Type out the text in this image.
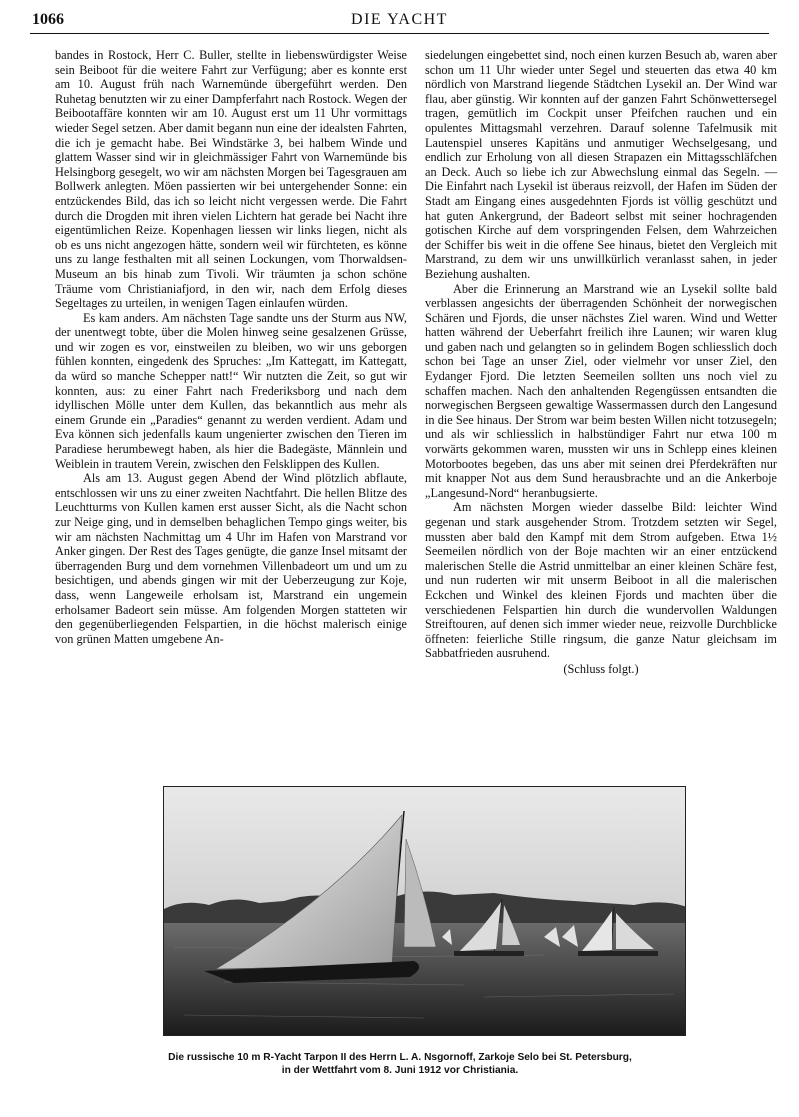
1066	DIE YACHT

bandes in Rostock, Herr C. Buller, stellte in liebenswürdigster Weise sein Beiboot für die weitere Fahrt zur Verfügung; aber es konnte erst am 10. August früh nach Warnemünde übergeführt werden. Den Ruhetag benutzten wir zu einer Dampferfahrt nach Rostock. Wegen der Beibootaffäre konnten wir am 10. August erst um 11 Uhr vormittags wieder Segel setzen. Aber damit begann nun eine der idealsten Fahrten, die ich je gemacht habe. Bei Windstärke 3, bei halbem Winde und glattem Wasser sind wir in gleichmässiger Fahrt von Warnemünde bis Helsingborg gesegelt, wo wir am nächsten Morgen bei Tagesgrauen am Bollwerk anlegten. Möen passierten wir bei untergehender Sonne: ein entzückendes Bild, das ich so leicht nicht vergessen werde. Die Fahrt durch die Drogden mit ihren vielen Lichtern hat gerade bei Nacht ihre eigentümlichen Reize. Kopenhagen liessen wir links liegen, nicht als ob es uns nicht angezogen hätte, sondern weil wir fürchteten, es könne uns zu lange festhalten mit all seinen Lockungen, vom Thorwaldsen-Museum an bis hinab zum Tivoli. Wir träumten ja schon schöne Träume vom Christianiafjord, in den wir, nach dem Erfolg dieses Segeltages zu urteilen, in wenigen Tagen einlaufen würden.

Es kam anders. Am nächsten Tage sandte uns der Sturm aus NW, der unentwegt tobte, über die Molen hinweg seine gesalzenen Grüsse, und wir zogen es vor, einstweilen zu bleiben, wo wir uns geborgen fühlen konnten, eingedenk des Spruches: „Im Kattegatt, im Kattegatt, da würd so manche Schepper natt!“ Wir nutzten die Zeit, so gut wir konnten, aus: zu einer Fahrt nach Frederiksborg und nach dem idyllischen Mölle unter dem Kullen, das bekanntlich aus mehr als einem Grunde ein „Paradies“ genannt zu werden verdient. Adam und Eva können sich jedenfalls kaum ungenierter zwischen den Tieren im Paradiese herumbewegt haben, als hier die Badegäste, Männlein und Weiblein in trautem Verein, zwischen den Felsklippen des Kullen.

Als am 13. August gegen Abend der Wind plötzlich abflaute, entschlossen wir uns zu einer zweiten Nachtfahrt. Die hellen Blitze des Leuchtturms von Kullen kamen erst ausser Sicht, als die Nacht schon zur Neige ging, und in demselben behaglichen Tempo gings weiter, bis wir am nächsten Nachmittag um 4 Uhr im Hafen von Marstrand vor Anker gingen. Der Rest des Tages genügte, die ganze Insel mitsamt der überragenden Burg und dem vornehmen Villenbadeort um und um zu besichtigen, und abends gingen wir mit der Ueberzeugung zur Koje, dass, wenn Langeweile erholsam ist, Marstrand ein ungemein erholsamer Badeort sein müsse. Am folgenden Morgen statteten wir den gegenüberliegenden Felspartien, in die höchst malerisch einige von grünen Matten umgebene An-

siedelungen eingebettet sind, noch einen kurzen Besuch ab, waren aber schon um 11 Uhr wieder unter Segel und steuerten das etwa 40 km nördlich von Marstrand liegende Städtchen Lysekil an. Der Wind war flau, aber günstig. Wir konnten auf der ganzen Fahrt Schönwettersegel tragen, gemütlich im Cockpit unser Pfeifchen rauchen und ein opulentes Mittagsmahl verzehren. Darauf solenne Tafelmusik mit Lautenspiel unseres Kapitäns und anmutiger Wechselgesang, und endlich zur Erholung von all diesen Strapazen ein Mittagsschläfchen an Deck. Auch so liebe ich zur Abwechslung einmal das Segeln. — Die Einfahrt nach Lysekil ist überaus reizvoll, der Hafen im Süden der Stadt am Eingang eines ausgedehnten Fjords ist völlig geschützt und hat guten Ankergrund, der Badeort selbst mit seiner hochragenden gotischen Kirche auf dem vorspringenden Felsen, dem Wahrzeichen der Schiffer bis weit in die offene See hinaus, bietet den Vergleich mit Marstrand, zu dem wir uns unwillkürlich veranlasst sahen, in jeder Beziehung aushalten.

Aber die Erinnerung an Marstrand wie an Lysekil sollte bald verblassen angesichts der überragenden Schönheit der norwegischen Schären und Fjords, die unser nächstes Ziel waren. Wind und Wetter hatten während der Ueberfahrt freilich ihre Launen; wir waren klug und gaben nach und gelangten so in gelindem Bogen schliesslich doch schon bei Tage an unser Ziel, oder vielmehr vor unser Ziel, den Eydanger Fjord. Die letzten Seemeilen sollten uns noch viel zu schaffen machen. Nach den anhaltenden Regengüssen entsandten die norwegischen Bergseen gewaltige Wassermassen durch den Langesund in die See hinaus. Der Strom war beim besten Willen nicht totzusegeln; und als wir schliesslich in halbstündiger Fahrt nur etwa 100 m vorwärts gekommen waren, mussten wir uns in Schlepp eines kleinen Motorbootes begeben, das uns aber mit seinen drei Pferdekräften nur mit knapper Not aus dem Sund herausbrachte und an die Ankerboje „Langesund-Nord“ heranbugsierte.

Am nächsten Morgen wieder dasselbe Bild: leichter Wind gegenan und stark ausgehender Strom. Trotzdem setzten wir Segel, mussten aber bald den Kampf mit dem Strom aufgeben. Etwa 1½ Seemeilen nördlich von der Boje machten wir an einer entzückend malerischen Stelle die Astrid unmittelbar an einer kleinen Schäre fest, und nun ruderten wir mit unserm Beiboot in all die malerischen Eckchen und Winkel des kleinen Fjords und machten über die verschiedenen Felspartien hin durch die wundervollen Waldungen Streiftouren, auf denen sich immer wieder neue, reizvolle Durchblicke öffneten: feierliche Stille ringsum, die ganze Natur gleichsam im Sabbatfrieden ausruhend.

(Schluss folgt.)

Die russische 10 m R-Yacht Tarpon II des Herrn L. A. Nsgornoff, Zarkoje Selo bei St. Petersburg,
in der Wettfahrt vom 8. Juni 1912 vor Christiania.
